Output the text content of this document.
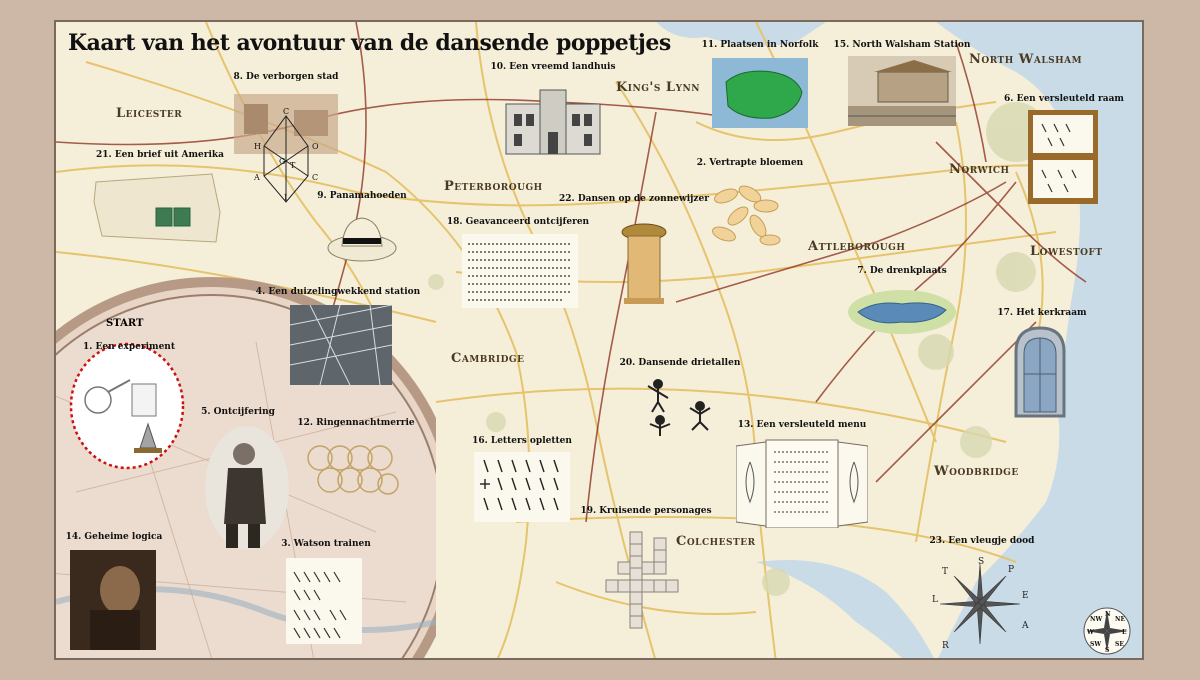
Kaart van het avontuur van de dansende poppetjes
Leicester
King's Lynn
North Walsham
Peterborough
Norwich
Attleborough	Lowestoft
Cambridge
Woodbridge
Colchester
START
1. Een experiment
21. Een brief uit Amerika
C
H	O
A
G
C
T
I
8. De verborgen stad
9. Panamahoeden
4. Een duizelingwekkend station
5. Ontcijfering
12. Ringennachtmerrie
3. Watson trainen
14. Geheime logica
10. Een vreemd landhuis
18. Geavanceerd ontcijferen
22. Dansen op de zonnewijzer
11. Plaatsen in Norfolk
2. Vertrapte bloemen
15. North Walsham Station
6. Een versleuteld raam
7. De drenkplaats
17. Het kerkraam
20. Dansende drietallen
16. Letters opletten
13. Een versleuteld menu
19. Kruisende personages
S
P
E
A
R
L
T
23. Een vleugje dood
N
NE
E
SE
S
SW
W
NW
